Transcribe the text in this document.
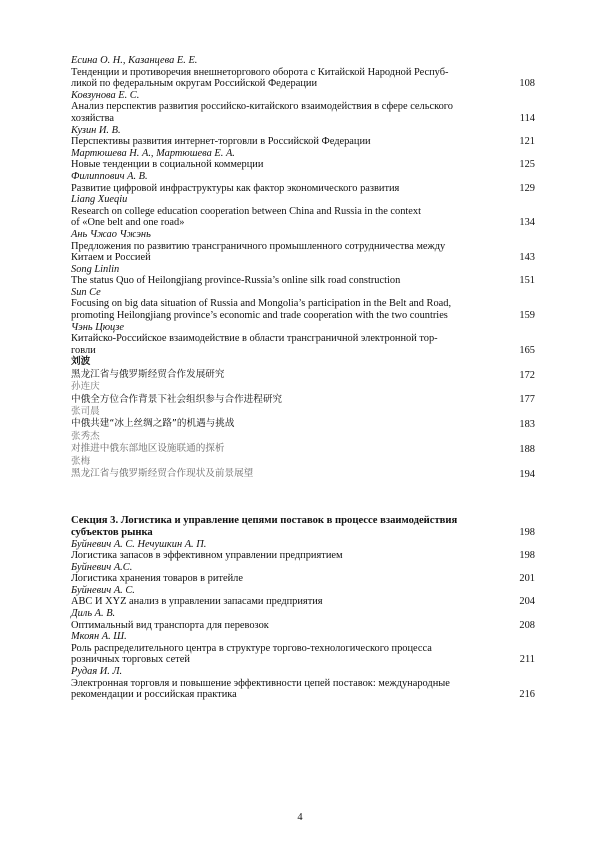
Есина О. Н., Казанцева Е. Е.
Тенденции и противоречия внешнеторгового оборота с Китайской Народной Респуб-
ликой по федеральным округам Российской Федерации	108
Ковзунова Е. С.
Анализ перспектив развития российско-китайского взаимодействия в сфере сельского
хозяйства	114
Кузин И. В.
Перспективы развития интернет-торговли в Российской Федерации	121
Мартюшева Н. А., Мартюшева Е. А.
Новые тенденции в социальной коммерции	125
Филиппович А. В.
Развитие цифровой инфраструктуры как фактор экономического развития	129
Liang Xueqiu
Research on college education cooperation between China and Russia in the context
of «One belt and one road»	134
Ань Чжао Чжэнь
Предложения по развитию трансграничного промышленного сотрудничества между
Китаем и Россией	143
Song Linlin
The status Quo of Heilongjiang province-Russia’s online silk road construction	151
Sun Ce
Focusing on big data situation of Russia and Mongolia’s participation in the Belt and Road,
promoting Heilongjiang province’s economic and trade cooperation with the two countries	159
Чэнь Цюцзе
Китайско-Российское взаимодействие в области трансграничной электронной тор-
говли	165
刘波
黑龙江省与俄罗斯经贸合作发展研究	172
孙连庆
中俄全方位合作背景下社会组织参与合作进程研究	177
张司晨
中俄共建“冰上丝绸之路”的机遇与挑战	183
张秀杰
对推进中俄东部地区设施联通的探析	188
张梅
黑龙江省与俄罗斯经贸合作现状及前景展望	194
Секция 3. Логистика и управление цепями поставок в процессе взаимодействия
субъектов рынка	198
Буйневич А. С. Нечушкин А. П.
Логистика запасов в эффективном управлении предприятием	198
Буйневич А.С.
Логистика хранения товаров в ритейле	201
Буйневич А. С.
ABC И XYZ анализ в управлении запасами предприятия	204
Диль А. В.
Оптимальный вид транспорта для перевозок	208
Мкоян А. Ш.
Роль распределительного центра в структуре торгово-технологического процесса
розничных торговых сетей	211
Рудая И. Л.
Электронная торговля и повышение эффективности цепей поставок: международные
рекомендации и российская практика	216
4
